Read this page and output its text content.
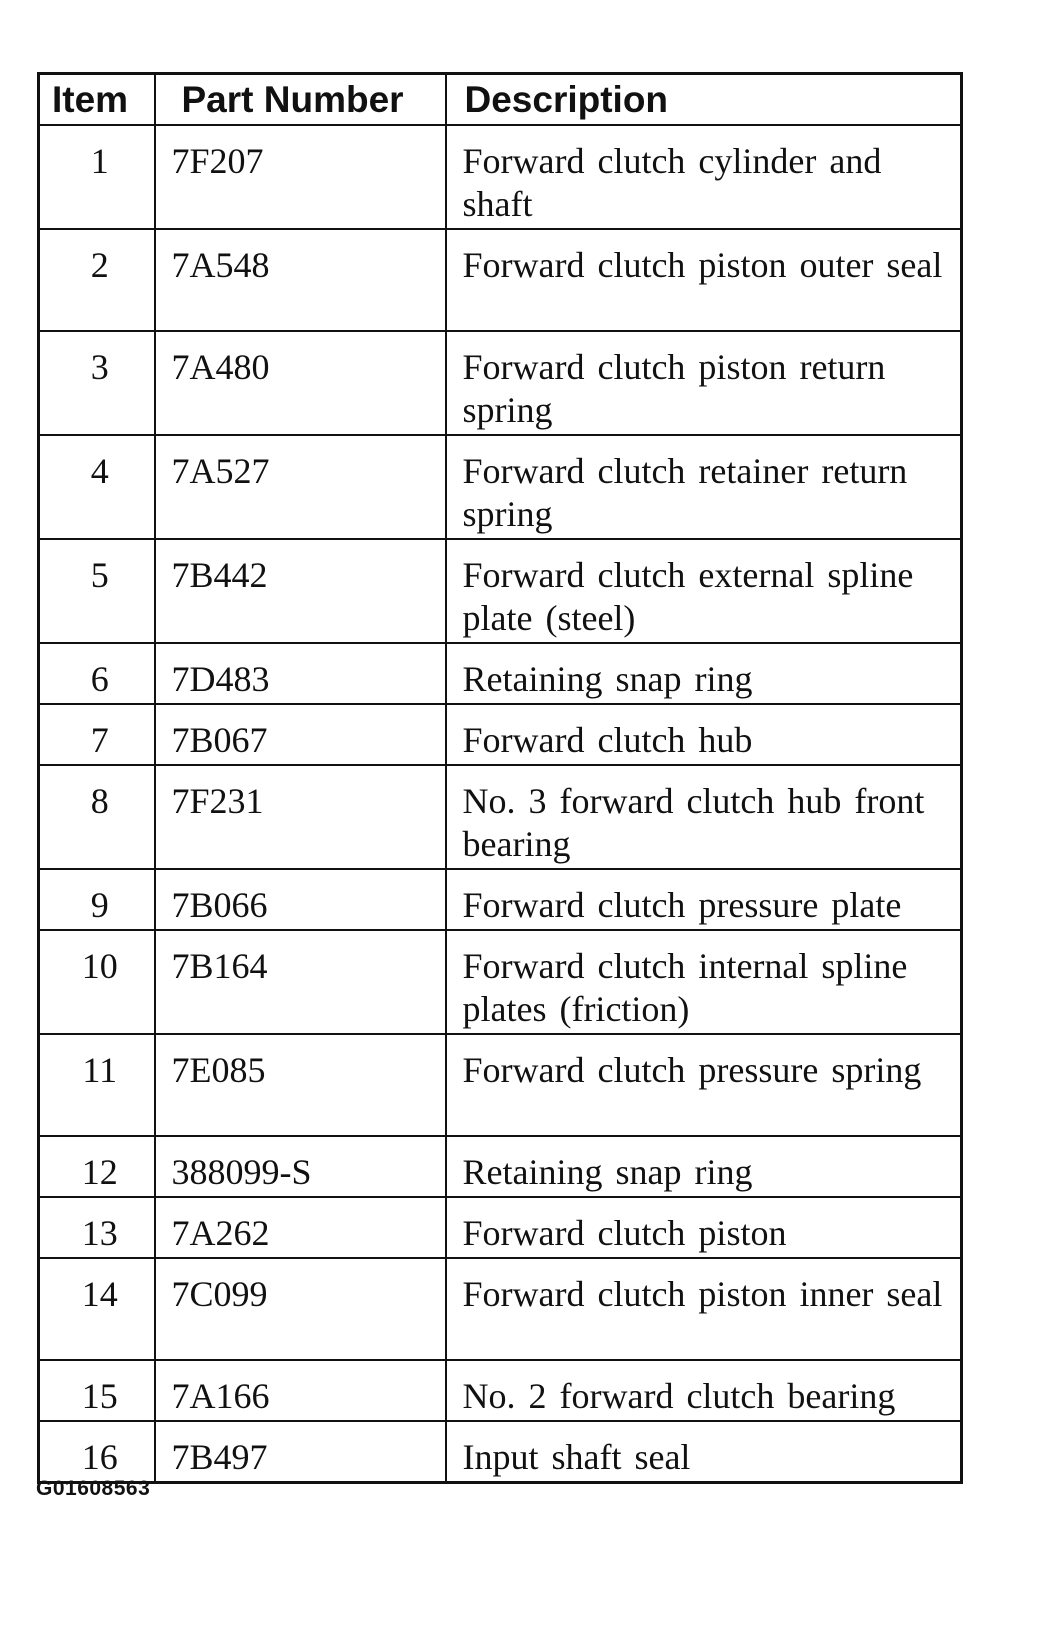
Item	Part Number	Description
1	7F207	Forward clutch cylinder and shaft
2	7A548	Forward clutch piston outer seal
3	7A480	Forward clutch piston return spring
4	7A527	Forward clutch retainer return spring
5	7B442	Forward clutch external spline plate (steel)
6	7D483	Retaining snap ring
7	7B067	Forward clutch hub
8	7F231	No. 3 forward clutch hub front bearing
9	7B066	Forward clutch pressure plate
10	7B164	Forward clutch internal spline plates (friction)
11	7E085	Forward clutch pressure spring
12	388099-S	Retaining snap ring
13	7A262	Forward clutch piston
14	7C099	Forward clutch piston inner seal
15	7A166	No. 2 forward clutch bearing
16	7B497	Input shaft seal
G01608563
